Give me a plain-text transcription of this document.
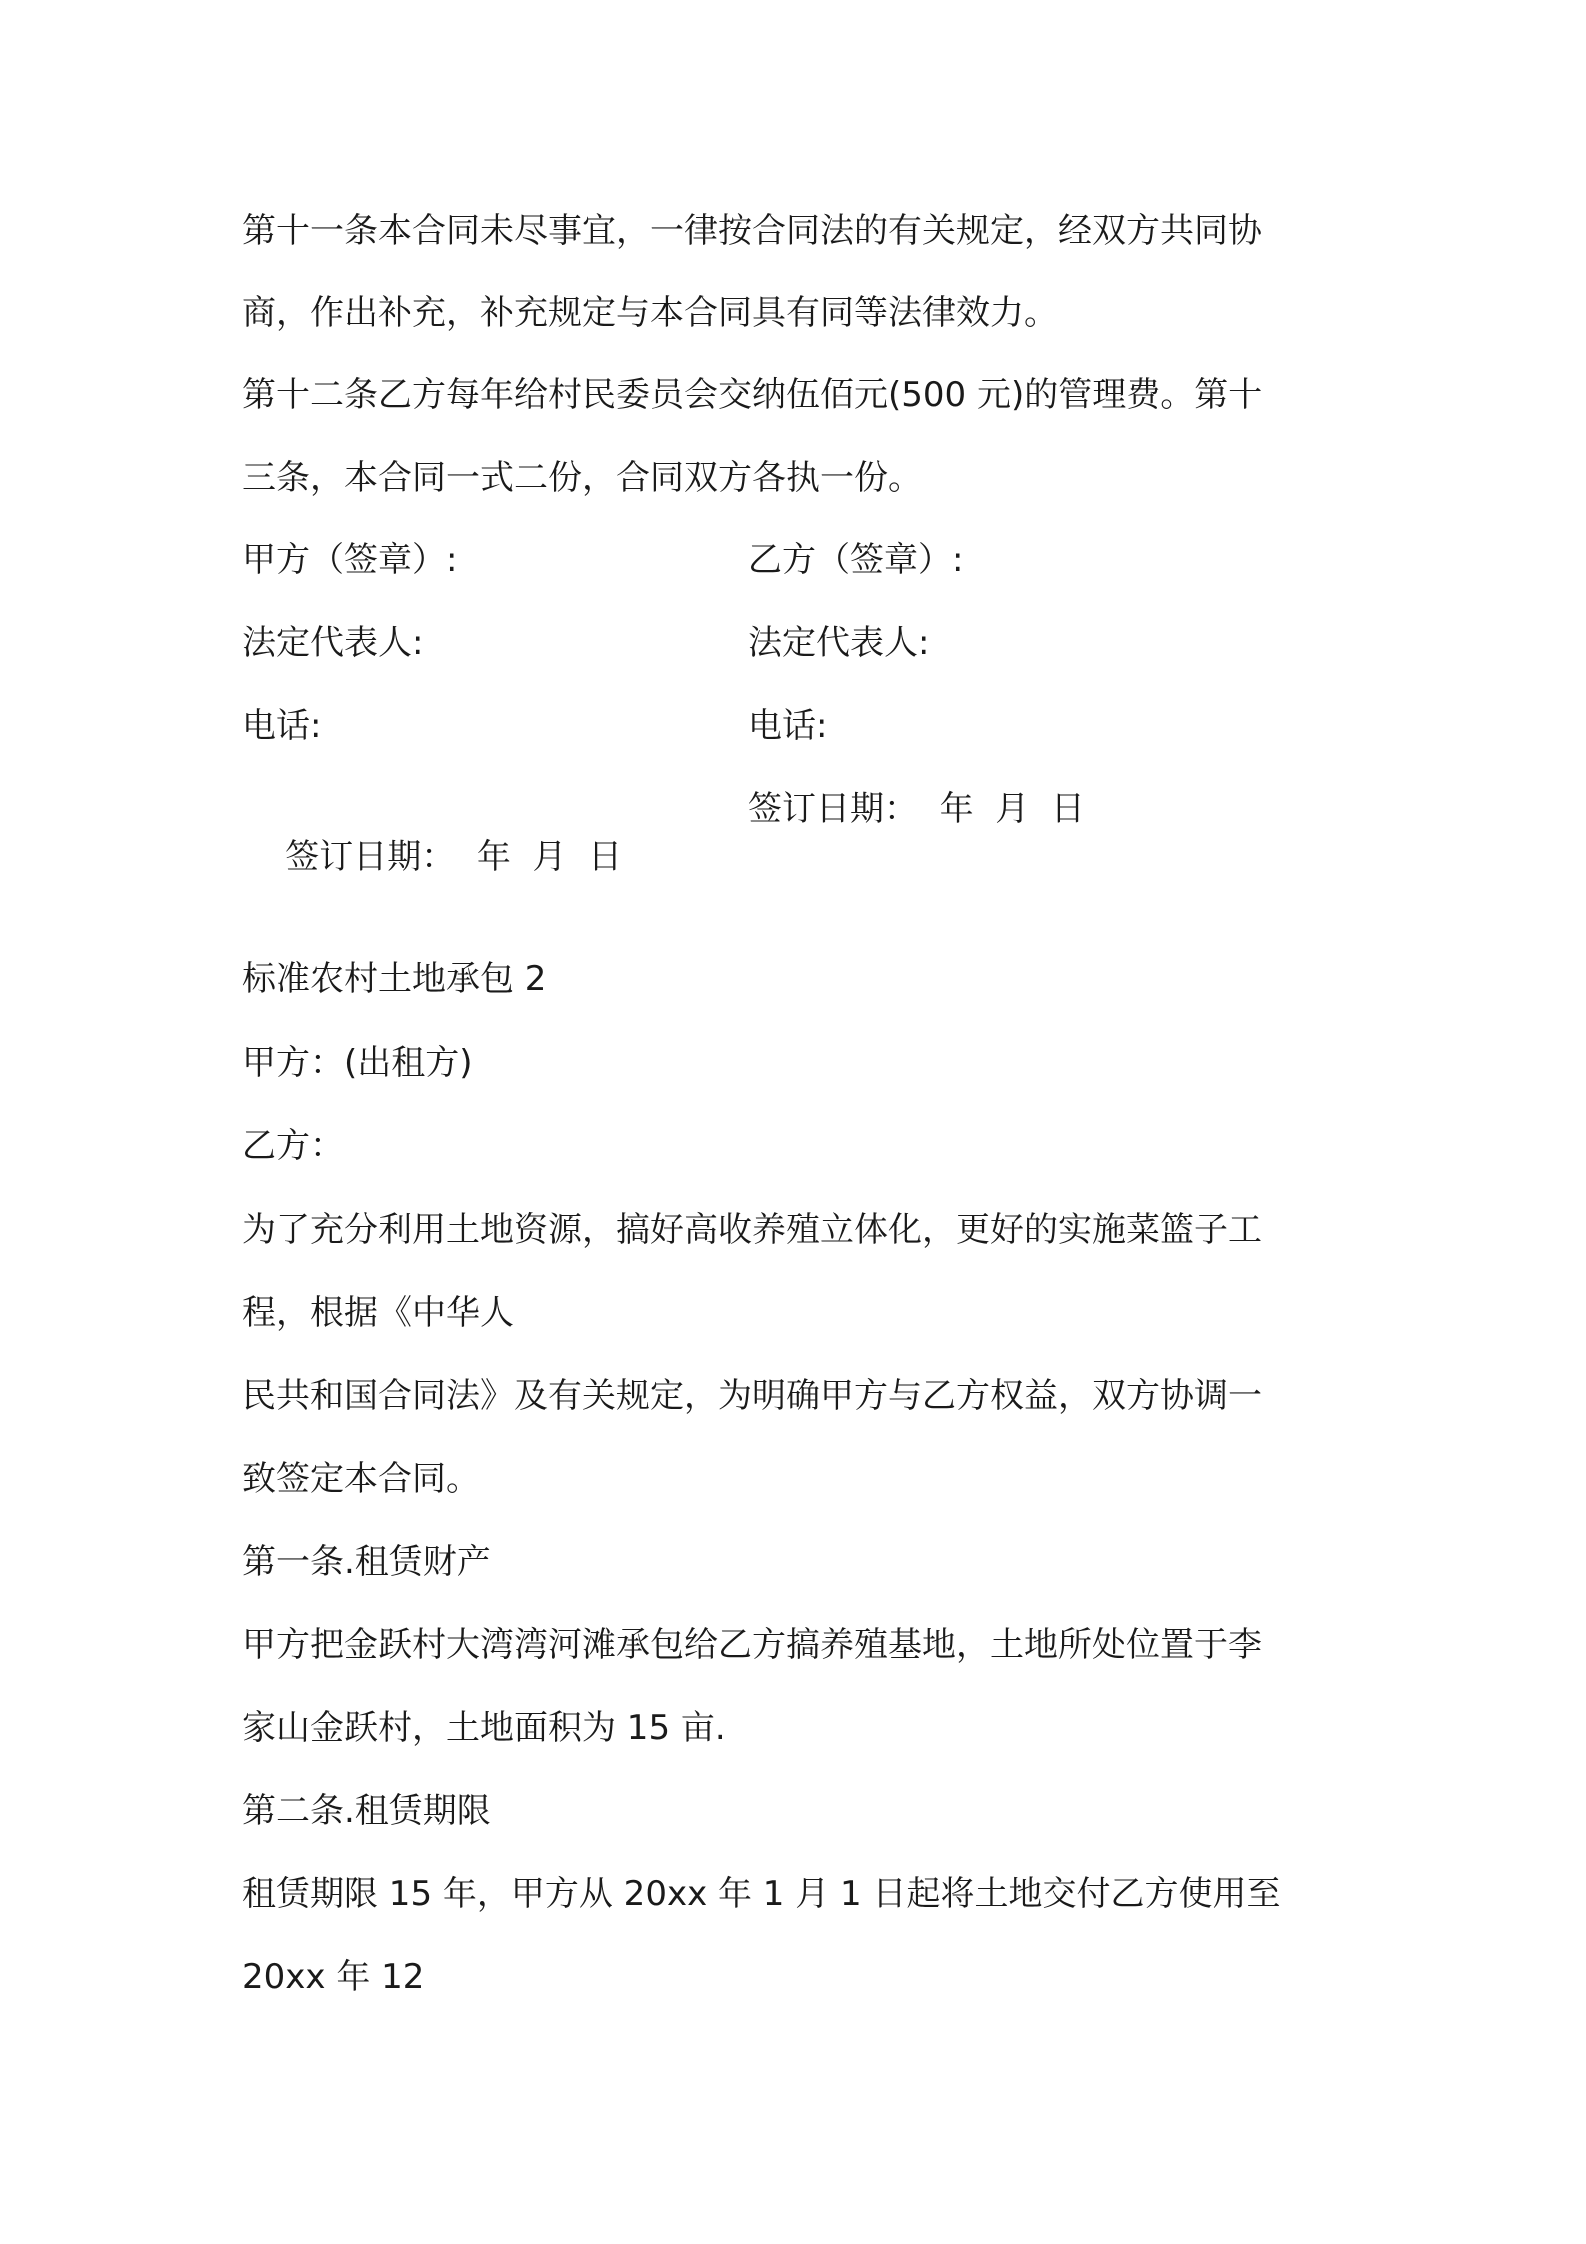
第十一条本合同未尽事宜，一律按合同法的有关规定，经双方共同协
商，作出补充，补充规定与本合同具有同等法律效力。
第十二条乙方每年给村民委员会交纳伍佰元(500 元)的管理费。第十
三条，本合同一式二份，合同双方各执一份。
甲方（签章）:	乙方（签章）:
法定代表人:	法定代表人:
电话:	电话:

签订日期：  年  月  日

签订日期：  年  月  日

标准农村土地承包 2
甲方：(出租方)
乙方：
为了充分利用土地资源，搞好高收养殖立体化，更好的实施菜篮子工
程，根据《中华人
民共和国合同法》及有关规定，为明确甲方与乙方权益，双方协调一
致签定本合同。
第一条.租赁财产
甲方把金跃村大湾湾河滩承包给乙方搞养殖基地，土地所处位置于李
家山金跃村，土地面积为 15 亩.
第二条.租赁期限
租赁期限 15 年，甲方从 20xx 年 1 月 1 日起将土地交付乙方使用至
20xx 年 12
